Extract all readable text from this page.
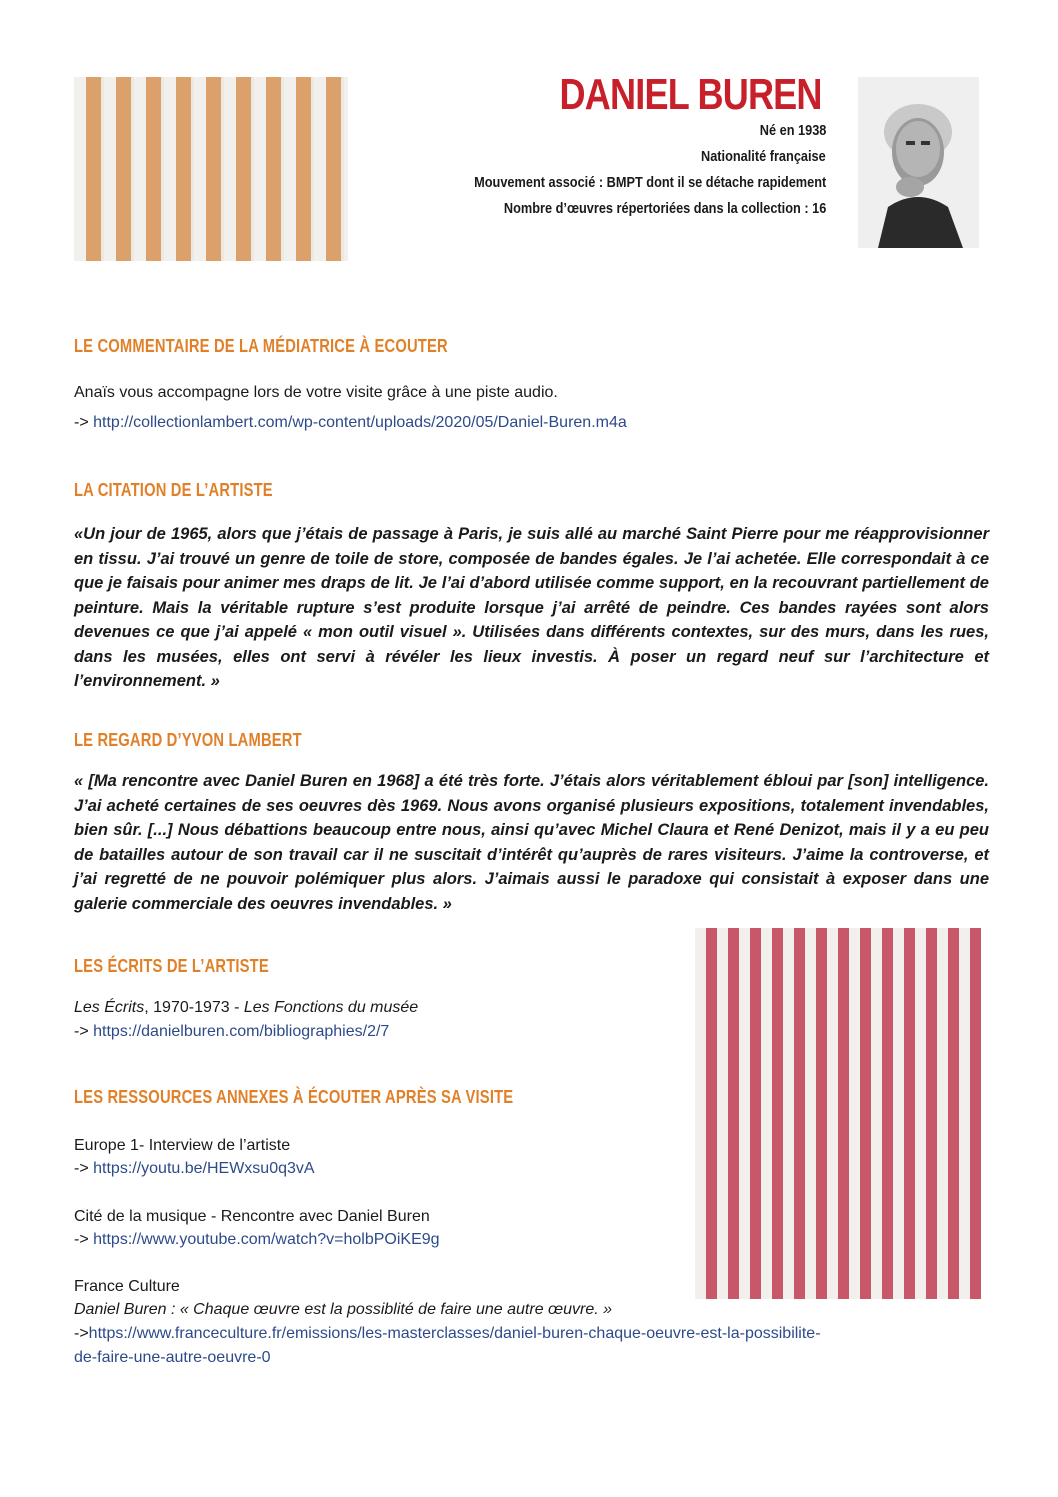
DANIEL BUREN
Né en 1938
Nationalité française
Mouvement associé : BMPT dont il se détache rapidement
Nombre d’œuvres répertoriées dans la collection : 16
LE COMMENTAIRE DE LA MÉDIATRICE À ECOUTER
Anaïs vous accompagne lors de votre visite grâce à une piste audio.
-> http://collectionlambert.com/wp-content/uploads/2020/05/Daniel-Buren.m4a
LA CITATION DE L’ARTISTE

«Un jour de 1965, alors que j’étais de passage à Paris, je suis allé au marché Saint Pierre pour me réapprovisionner en tissu. J’ai trouvé un genre de toile de store, composée de bandes égales. Je l’ai achetée. Elle correspondait à ce que je faisais pour animer mes draps de lit. Je l’ai d’abord utilisée comme support, en la recouvrant partiellement de peinture. Mais la véritable rupture s’est produite lorsque j’ai arrêté de peindre. Ces bandes rayées sont alors devenues ce que j’ai appelé « mon outil visuel ». Utilisées dans différents contextes, sur des murs, dans les rues, dans les musées, elles ont servi à révéler les lieux investis. À poser un regard neuf sur l’architecture et l’environnement. »

LE REGARD D’YVON LAMBERT

« [Ma rencontre avec Daniel Buren en 1968] a été très forte. J’étais alors véritablement ébloui par [son] intelligence. J’ai acheté certaines de ses oeuvres dès 1969. Nous avons organisé plusieurs expositions, totalement invendables, bien sûr. [...] Nous débattions beaucoup entre nous, ainsi qu’avec Michel Claura et René Denizot, mais il y a eu peu de batailles autour de son travail car il ne suscitait d’intérêt qu’auprès de rares visiteurs. J’aime la controverse, et j’ai regretté de ne pouvoir polémiquer plus alors. J’aimais aussi le paradoxe qui consistait à exposer dans une galerie commerciale des oeuvres invendables. »

LES ÉCRITS DE L’ARTISTE
Les Écrits, 1970-1973 - Les Fonctions du musée
-> https://danielburen.com/bibliographies/2/7
LES RESSOURCES ANNEXES À ÉCOUTER APRÈS SA VISITE
Europe 1- Interview de l’artiste
-> https://youtu.be/HEWxsu0q3vA
Cité de la musique - Rencontre avec Daniel Buren
-> https://www.youtube.com/watch?v=holbPOiKE9g
France Culture
Daniel Buren : « Chaque œuvre est la possiblité de faire une autre œuvre. »
->https://www.franceculture.fr/emissions/les-masterclasses/daniel-buren-chaque-oeuvre-est-la-possibilite-
de-faire-une-autre-oeuvre-0
